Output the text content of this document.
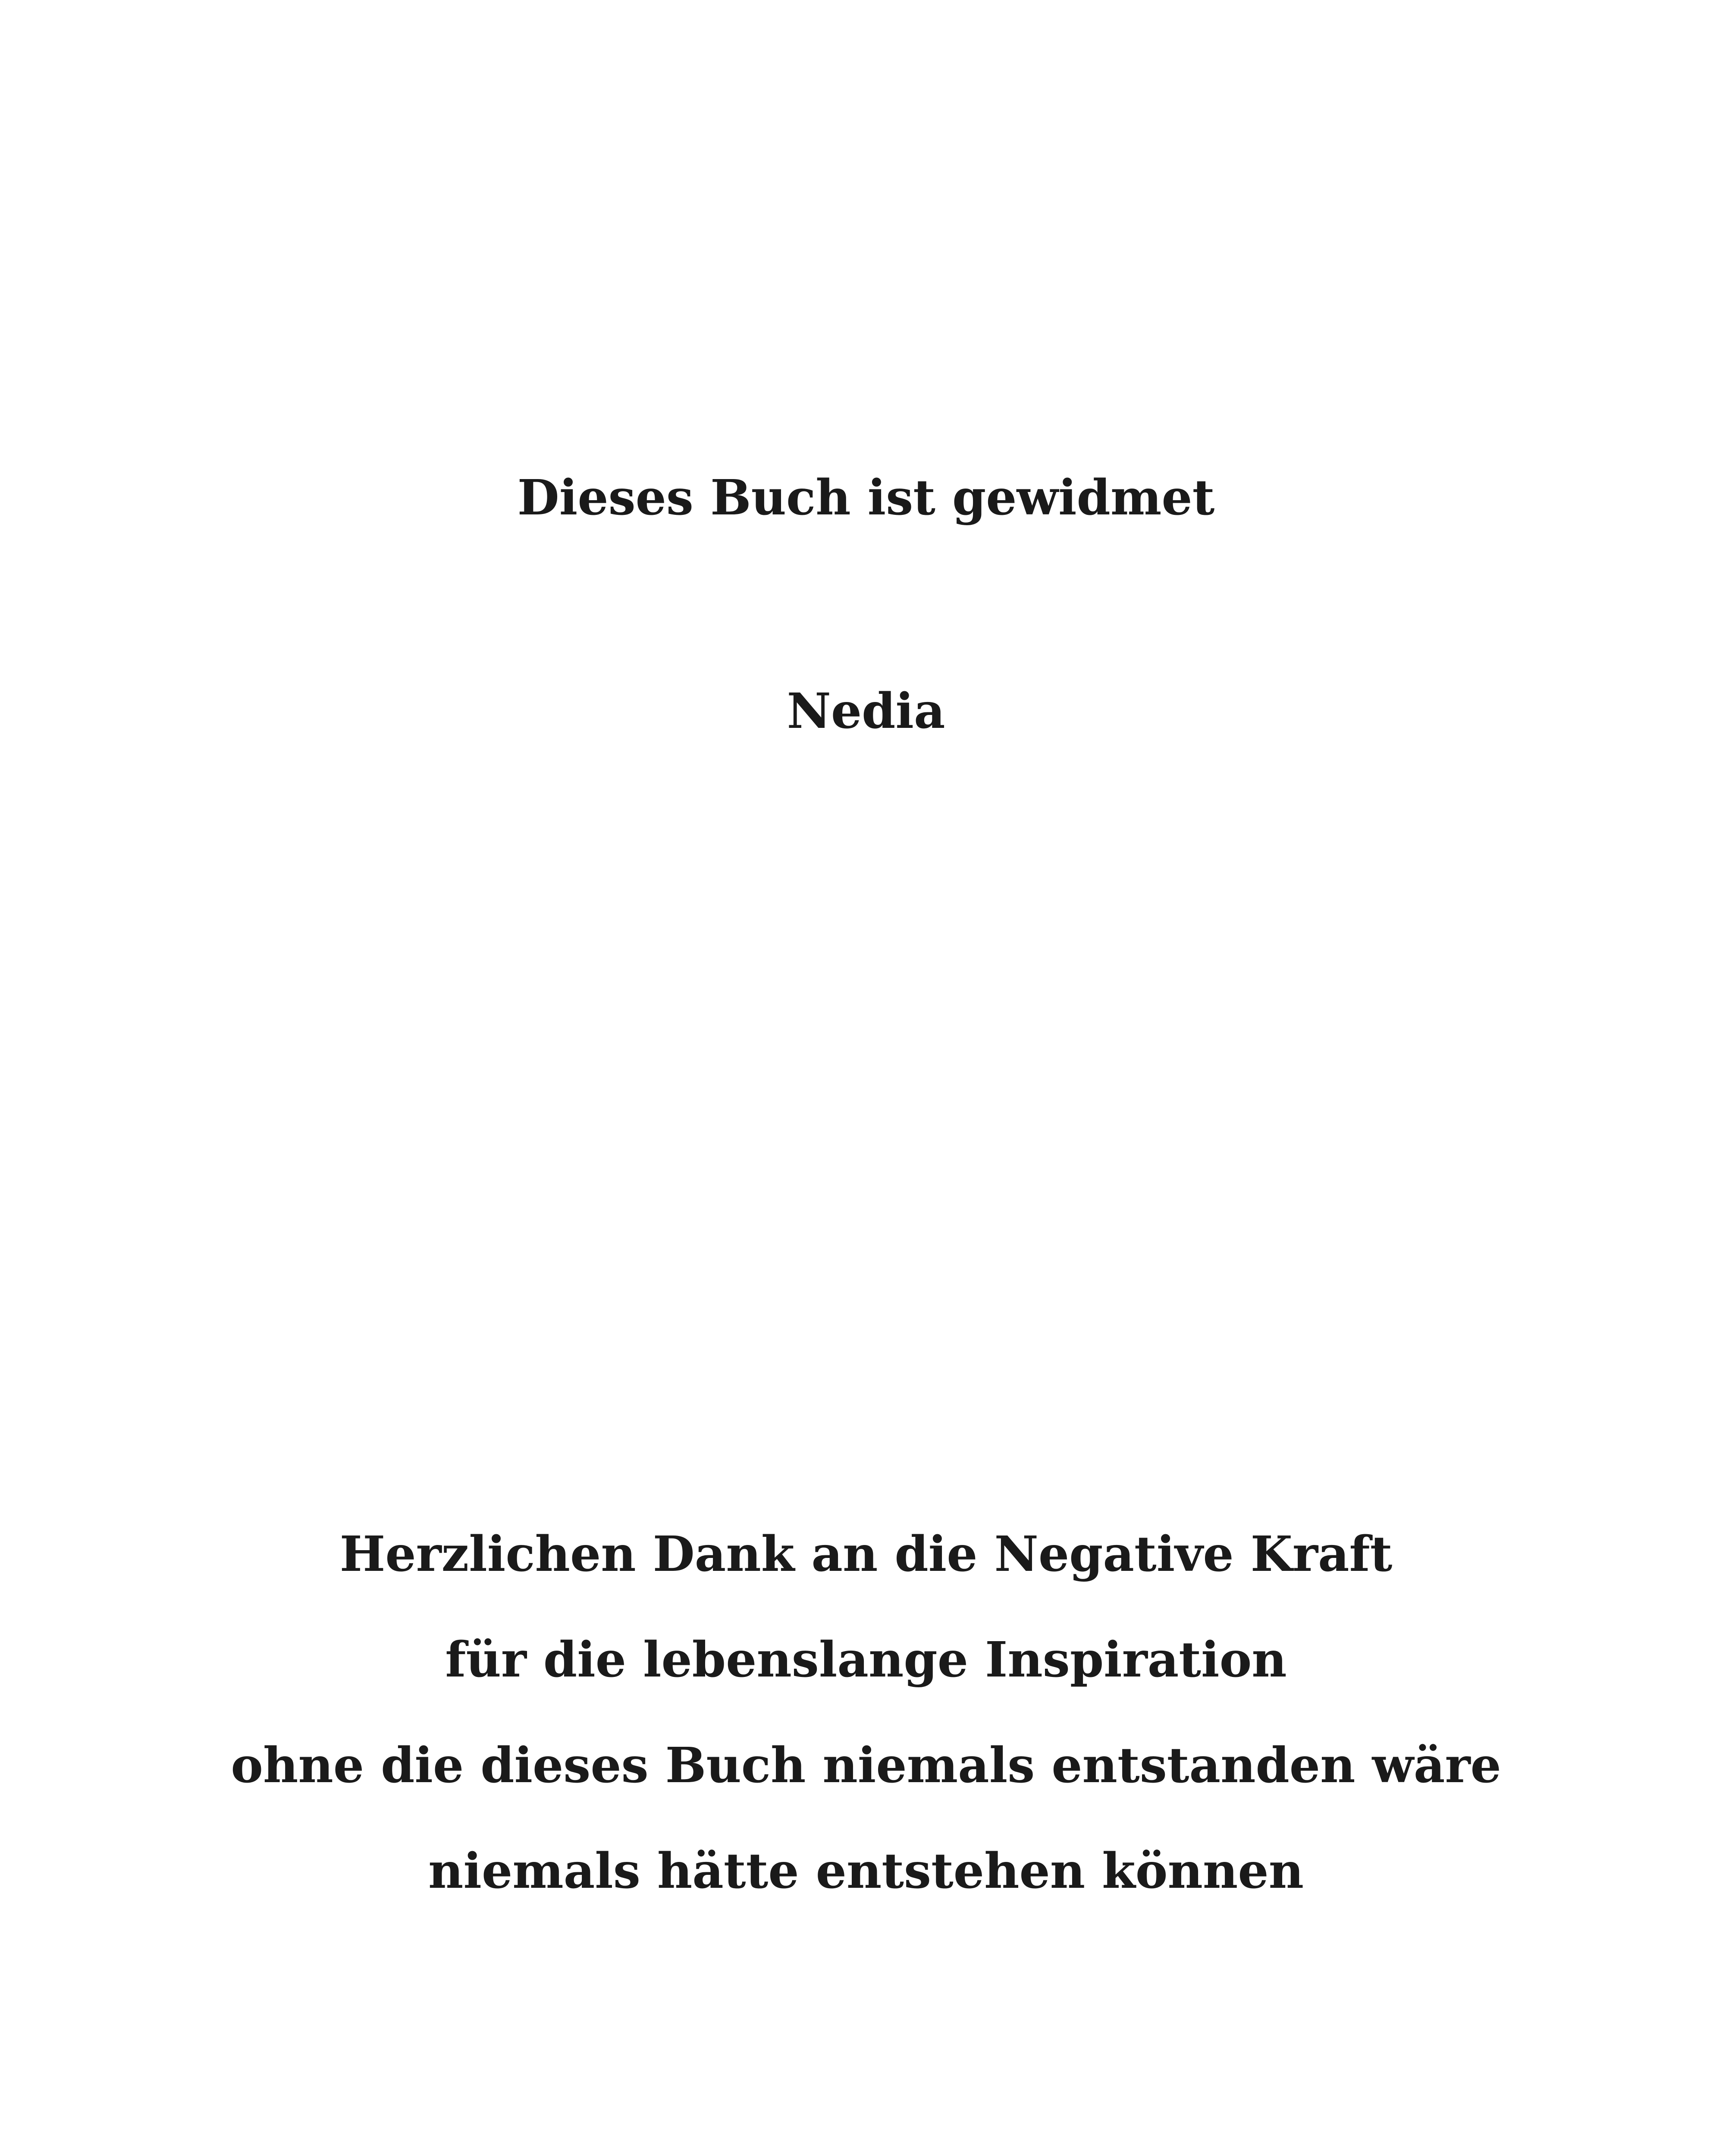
Dieses Buch ist gewidmet
Nedia
Herzlichen Dank an die Negative Kraft
für die lebenslange Inspiration
ohne die dieses Buch niemals entstanden wäre
niemals hätte entstehen können
